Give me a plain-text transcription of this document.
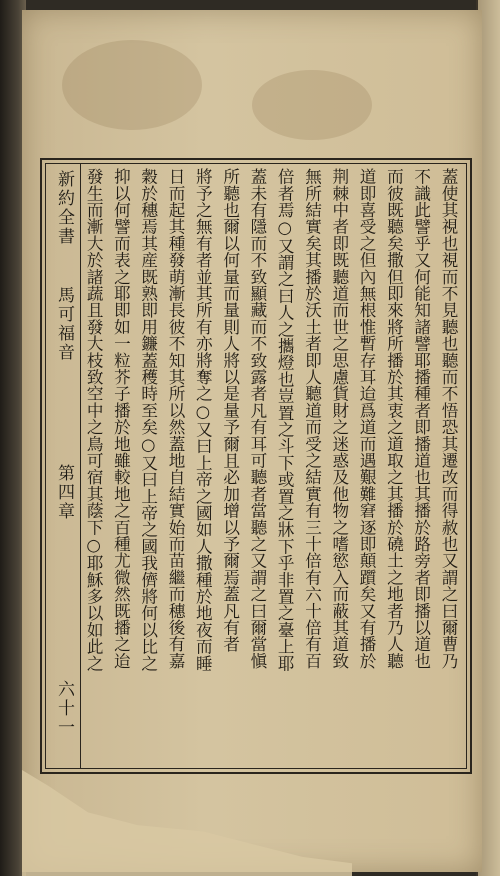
新約全書
馬可福音
第四章
六十一
蓋使其視也視而不見聽也聽而不悟恐其遷改而得赦也又謂之曰爾曹乃
不識此譬乎又何能知諸譬耶播種者即播道也其播於路旁者即播以道也
而彼既聽矣撒但即來將所播於其衷之道取之其播於磽土之地者乃人聽
道即喜受之但內無根惟暫存耳迨爲道而遇艱難窘逐即顛躓矣又有播於
荆棘中者即既聽道而世之思慮貨財之迷惑及他物之嗜慾入而蔽其道致
無所結實矣其播於沃土者即人聽道而受之結實有三十倍有六十倍有百
倍者焉○又謂之曰人之攜燈也豈置之斗下或置之牀下乎非置之臺上耶
蓋未有隱而不致顯藏而不致露者凡有耳可聽者當聽之又謂之曰爾當愼
所聽也爾以何量而量則人將以是量予爾且必加增以予爾焉蓋凡有者
將予之無有者並其所有亦將奪之○又曰上帝之國如人撒種於地夜而睡
日而起其種發萌漸長彼不知其所以然蓋地自結實始而苗繼而穗後有嘉
穀於穗焉其産既熟即用鐮蓋穫時至矣○又曰上帝之國我儕將何以比之
抑以何譬而表之耶即如一粒芥子播於地雖較地之百種尤微然既播之迨
發生而漸大於諸蔬且發大枝致空中之鳥可宿其蔭下○耶穌多以如此之
